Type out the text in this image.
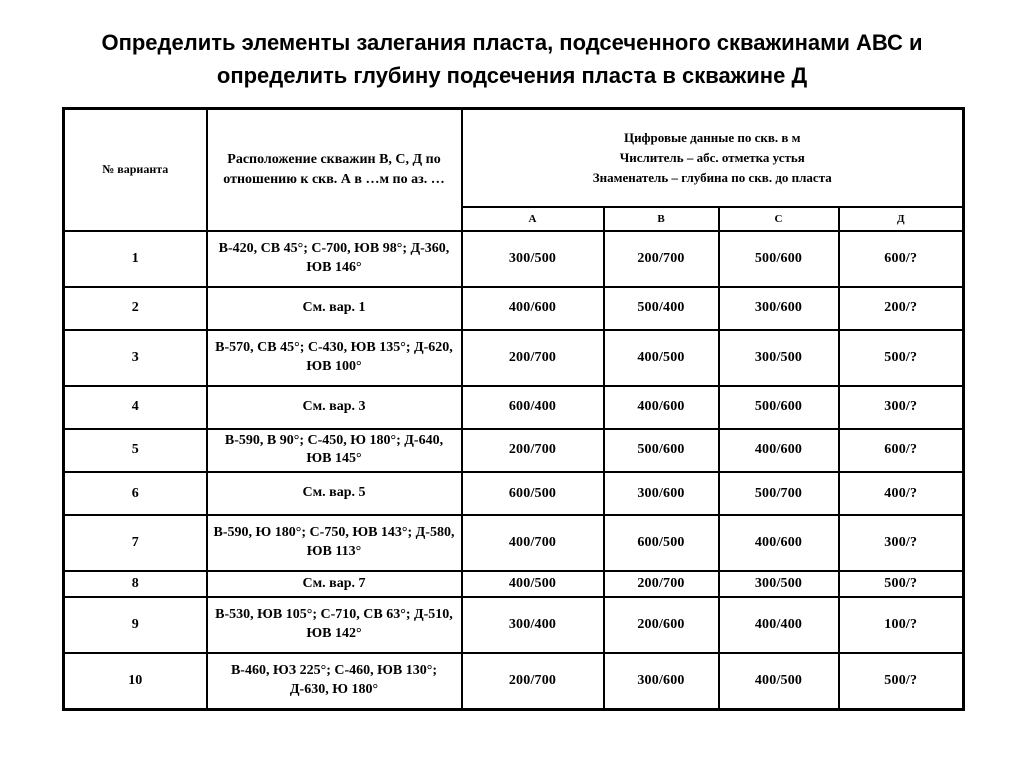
Определить элементы залегания пласта, подсеченного скважинами АВС и определить глубину подсечения пласта в скважине Д
№ варианта	Расположение скважин В, С, Д по отношению к скв. А в …м по аз. …	Цифровые данные по скв. в м
Числитель – абс. отметка устья
Знаменатель – глубина по скв. до пласта			

		А	В	С	Д
1	В-420, СВ 45°; С-700, ЮВ 98°; Д-360, ЮВ 146°	300/500	200/700	500/600	600/?
2	См. вар. 1	400/600	500/400	300/600	200/?
3	В-570, СВ 45°; С-430, ЮВ 135°; Д-620, ЮВ 100°	200/700	400/500	300/500	500/?
4	См. вар. 3	600/400	400/600	500/600	300/?
5	В-590, В 90°; С-450, Ю 180°; Д-640, ЮВ 145°	200/700	500/600	400/600	600/?
6	См. вар. 5	600/500	300/600	500/700	400/?
7	В-590, Ю 180°; С-750, ЮВ 143°; Д-580, ЮВ 113°	400/700	600/500	400/600	300/?
8	См. вар. 7	400/500	200/700	300/500	500/?
9	В-530, ЮВ 105°; С-710, СВ 63°; Д-510, ЮВ 142°	300/400	200/600	400/400	100/?
10	В-460, ЮЗ 225°; С-460, ЮВ 130°; Д-630, Ю 180°	200/700	300/600	400/500	500/?
